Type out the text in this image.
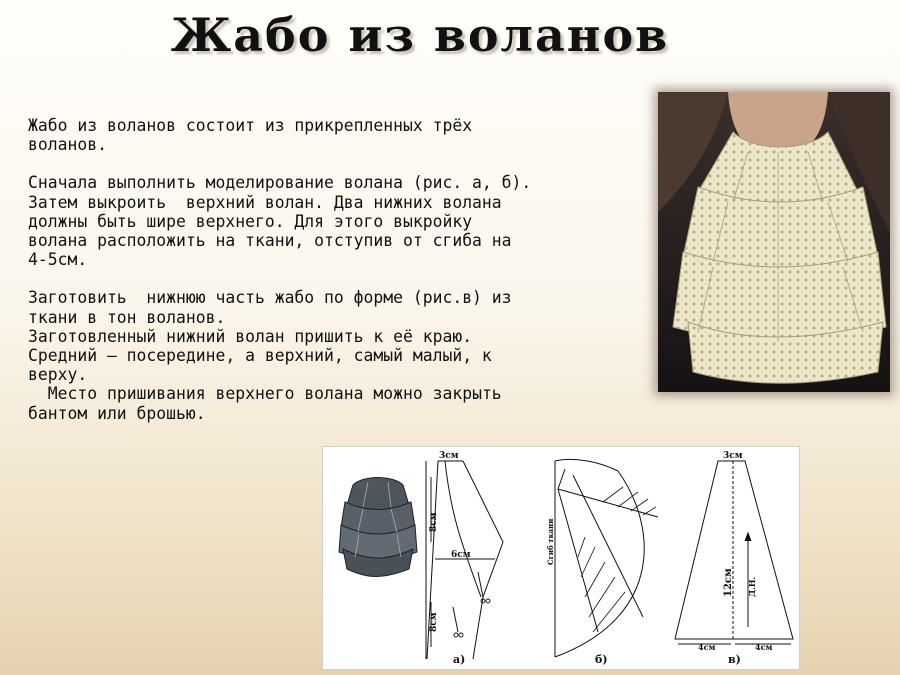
Жабо из воланов
Жабо из воланов состоит из прикрепленных трёх
воланов.
Сначала выполнить моделирование волана (рис. а, б).
Затем выкроить  верхний волан. Два нижних волана
должны быть шире верхнего. Для этого выкройку
волана расположить на ткани, отступив от сгиба на
4-5см.
Заготовить  нижнюю часть жабо по форме (рис.в) из
ткани в тон воланов.
Заготовленный нижний волан пришить к её краю.
Средний – посередине, а верхний, самый малый, к
верху.
Место пришивания верхнего волана можно закрыть
бантом или брошью.
3см
6см
8см
8см
а)
Сгиб ткани
б)
3см
12см Д.Н.
4см	4см
в)
